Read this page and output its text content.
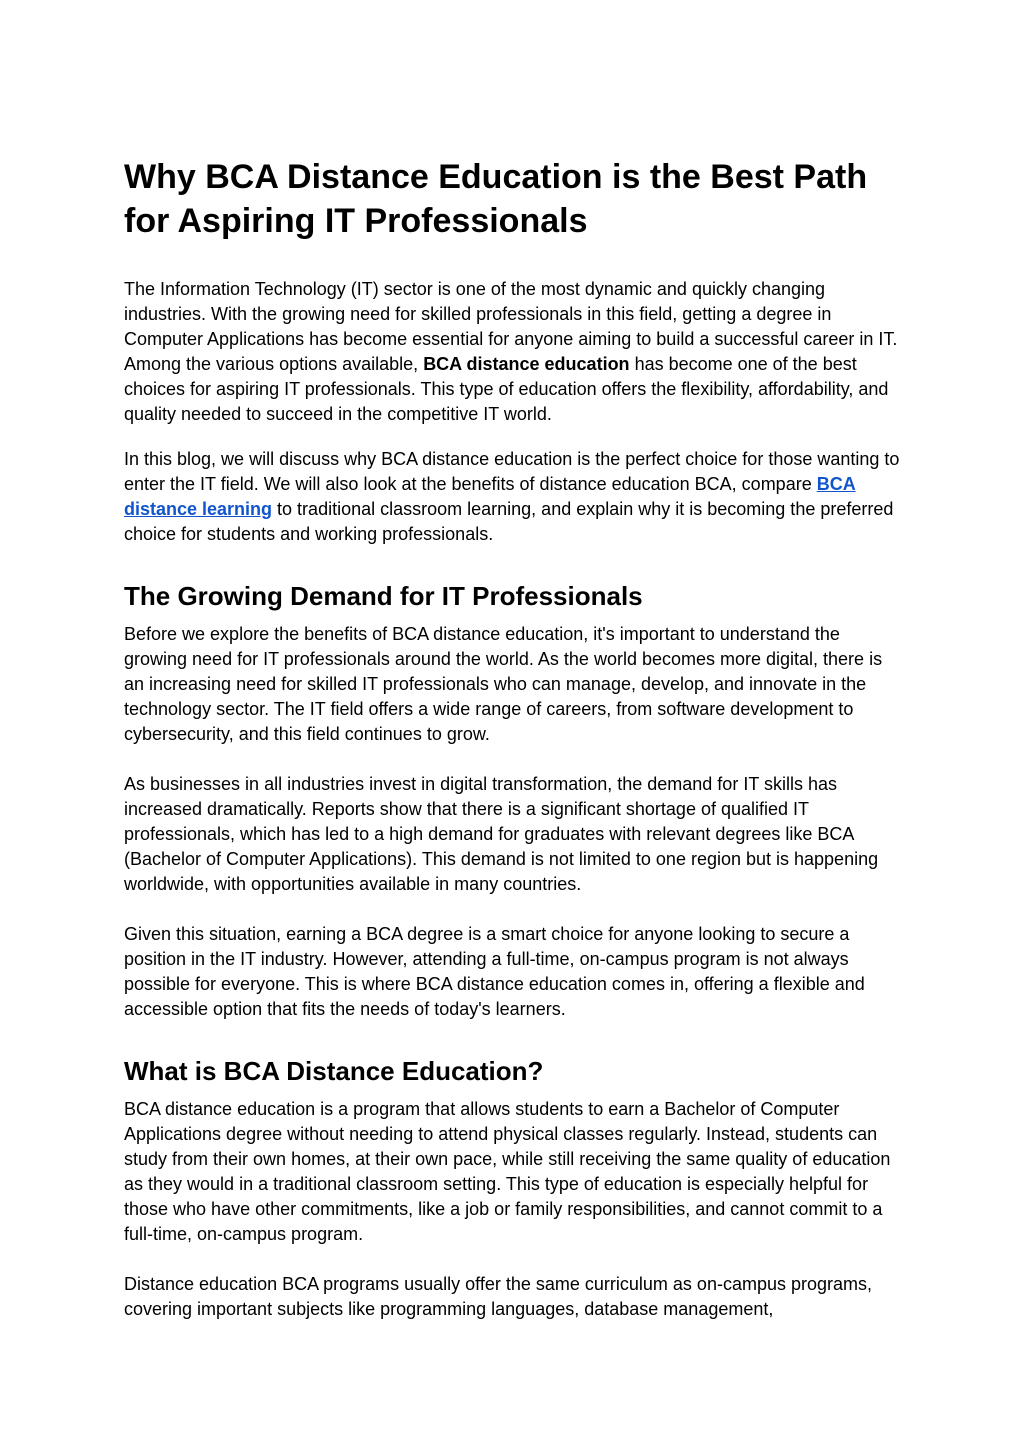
Why BCA Distance Education is the Best Path for Aspiring IT Professionals

The Information Technology (IT) sector is one of the most dynamic and quickly changing industries. With the growing need for skilled professionals in this field, getting a degree in Computer Applications has become essential for anyone aiming to build a successful career in IT. Among the various options available, BCA distance education has become one of the best choices for aspiring IT professionals. This type of education offers the flexibility, affordability, and quality needed to succeed in the competitive IT world.

In this blog, we will discuss why BCA distance education is the perfect choice for those wanting to enter the IT field. We will also look at the benefits of distance education BCA, compare BCA distance learning to traditional classroom learning, and explain why it is becoming the preferred choice for students and working professionals.

The Growing Demand for IT Professionals

Before we explore the benefits of BCA distance education, it's important to understand the growing need for IT professionals around the world. As the world becomes more digital, there is an increasing need for skilled IT professionals who can manage, develop, and innovate in the technology sector. The IT field offers a wide range of careers, from software development to cybersecurity, and this field continues to grow.

As businesses in all industries invest in digital transformation, the demand for IT skills has increased dramatically. Reports show that there is a significant shortage of qualified IT professionals, which has led to a high demand for graduates with relevant degrees like BCA (Bachelor of Computer Applications). This demand is not limited to one region but is happening worldwide, with opportunities available in many countries.

Given this situation, earning a BCA degree is a smart choice for anyone looking to secure a position in the IT industry. However, attending a full-time, on-campus program is not always possible for everyone. This is where BCA distance education comes in, offering a flexible and accessible option that fits the needs of today's learners.

What is BCA Distance Education?

BCA distance education is a program that allows students to earn a Bachelor of Computer Applications degree without needing to attend physical classes regularly. Instead, students can study from their own homes, at their own pace, while still receiving the same quality of education as they would in a traditional classroom setting. This type of education is especially helpful for those who have other commitments, like a job or family responsibilities, and cannot commit to a full-time, on-campus program.

Distance education BCA programs usually offer the same curriculum as on-campus programs, covering important subjects like programming languages, database management,
